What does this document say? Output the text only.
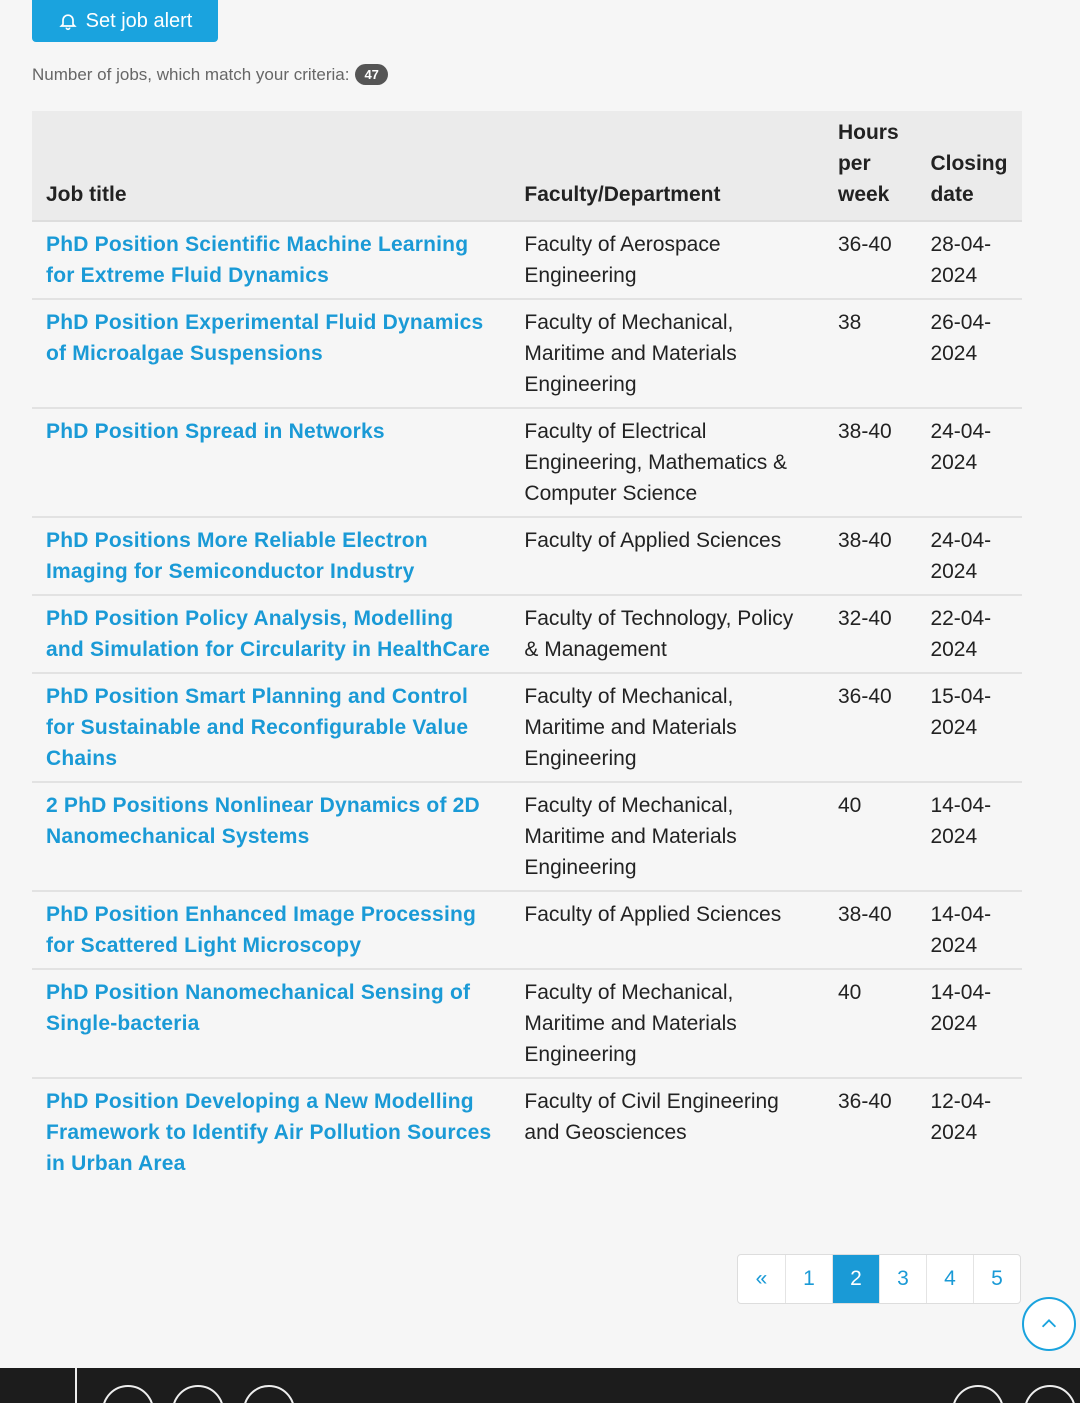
Set job alert
Number of jobs, which match your criteria:	47
Job title	Faculty/Department	Hours per week	Closing date
PhD Position Scientific Machine Learning for Extreme Fluid Dynamics	Faculty of Aerospace Engineering	36-40	28-04-2024
PhD Position Experimental Fluid Dynamics of Microalgae Suspensions	Faculty of Mechanical, Maritime and Materials Engineering	38	26-04-2024
PhD Position Spread in Networks	Faculty of Electrical Engineering, Mathematics & Computer Science	38-40	24-04-2024
PhD Positions More Reliable Electron Imaging for Semiconductor Industry	Faculty of Applied Sciences	38-40	24-04-2024
PhD Position Policy Analysis, Modelling and Simulation for Circularity in HealthCare	Faculty of Technology, Policy & Management	32-40	22-04-2024
PhD Position Smart Planning and Control for Sustainable and Reconfigurable Value Chains	Faculty of Mechanical, Maritime and Materials Engineering	36-40	15-04-2024
2 PhD Positions Nonlinear Dynamics of 2D Nanomechanical Systems	Faculty of Mechanical, Maritime and Materials Engineering	40	14-04-2024
PhD Position Enhanced Image Processing for Scattered Light Microscopy	Faculty of Applied Sciences	38-40	14-04-2024
PhD Position Nanomechanical Sensing of Single-bacteria	Faculty of Mechanical, Maritime and Materials Engineering	40	14-04-2024
PhD Position Developing a New Modelling Framework to Identify Air Pollution Sources in Urban Area	Faculty of Civil Engineering and Geosciences	36-40	12-04-2024
«	1	2	3	4	5
